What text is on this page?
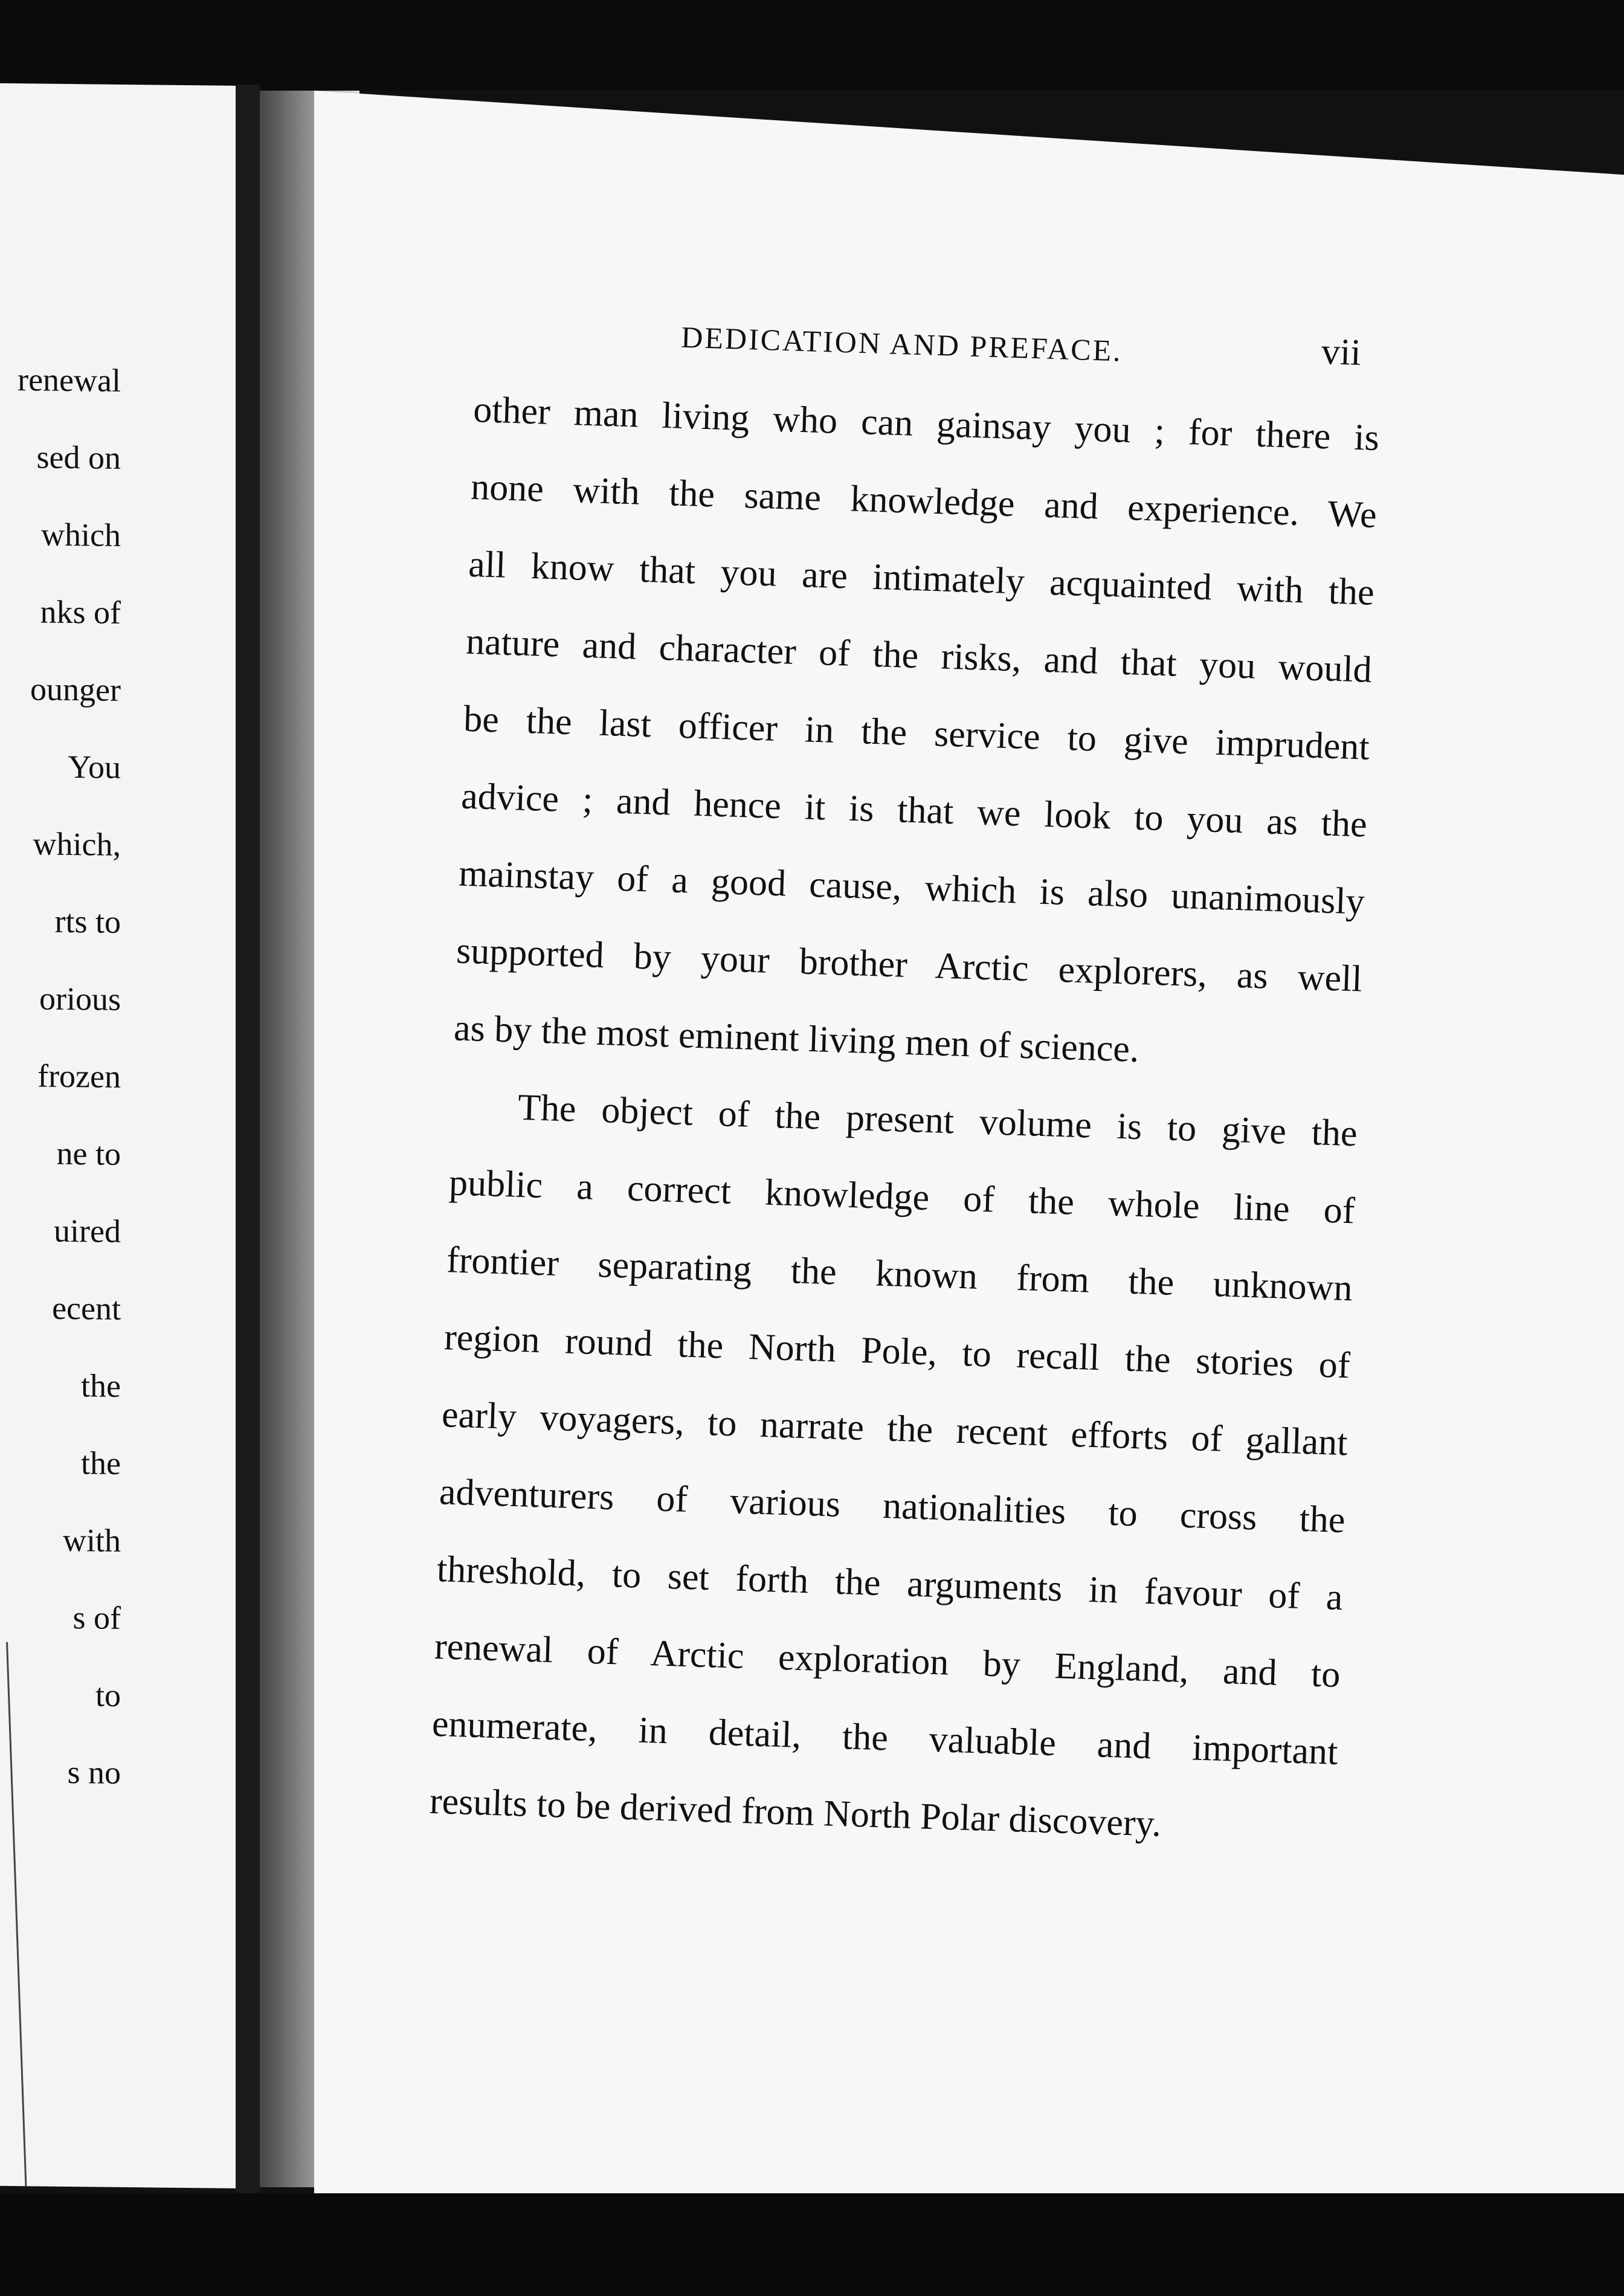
renewal
sed on
which
nks of
ounger
You
which,
rts to
orious
frozen
ne to
uired
ecent
the
the
with
s of
to
s no
DEDICATION AND PREFACE.	vii
other man living who can gainsay you ; for there is
none with the same knowledge and experience. We
all know that you are intimately acquainted with the
nature and character of the risks, and that you would
be the last officer in the service to give imprudent
advice ; and hence it is that we look to you as the
mainstay of a good cause, which is also unanimously
supported by your brother Arctic explorers, as well
as by the most eminent living men of science.
The object of the present volume is to give the
public a correct knowledge of the whole line of
frontier separating the known from the unknown
region round the North Pole, to recall the stories of
early voyagers, to narrate the recent efforts of gallant
adventurers of various nationalities to cross the
threshold, to set forth the arguments in favour of a
renewal of Arctic exploration by England, and to
enumerate, in detail, the valuable and important
results to be derived from North Polar discovery.
